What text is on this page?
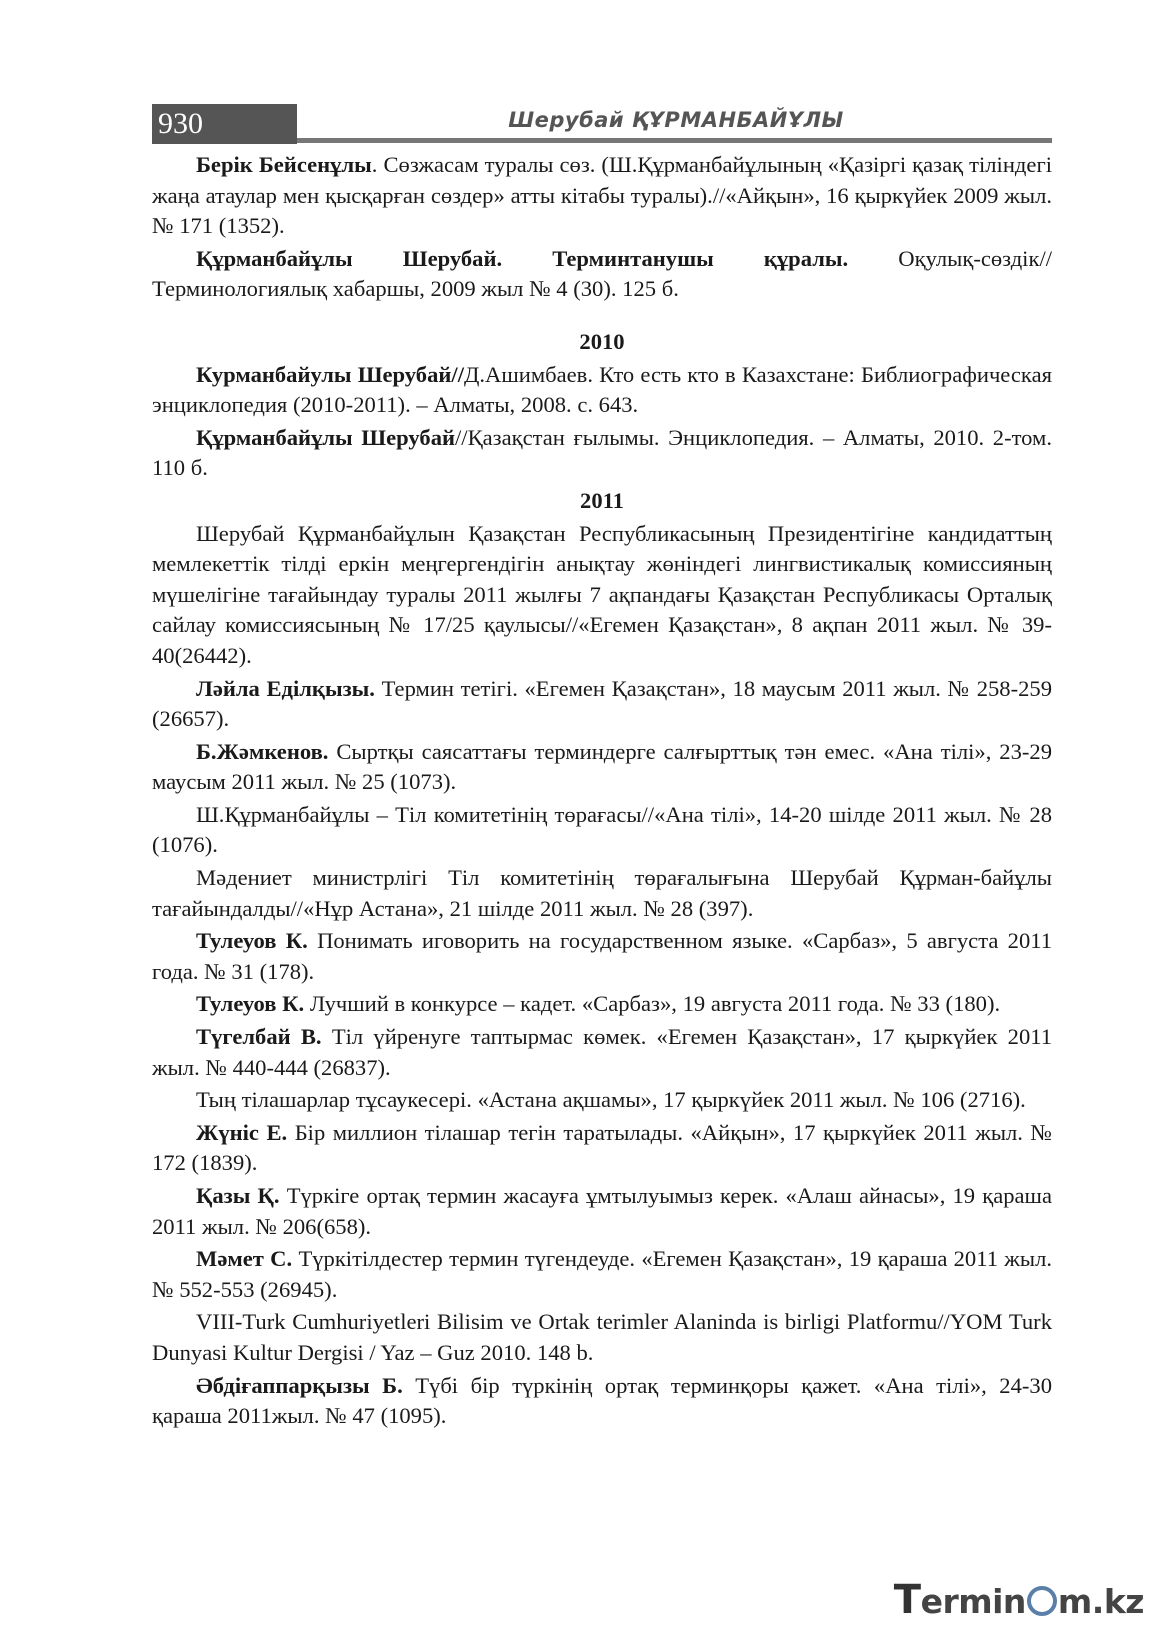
930	Шерубай ҚҰРМАНБАЙҰЛЫ

Берік Бейсенұлы. Сөзжасам туралы сөз. (Ш.Құрманбайұлының «Қазіргі қазақ тіліндегі жаңа атаулар мен қысқарған сөздер» атты кітабы туралы).//«Айқын», 16 қыркүйек 2009 жыл. № 171 (1352).

Құрманбайұлы Шерубай. Терминтанушы құралы. Оқулық-сөздік// Терминологиялық хабаршы, 2009 жыл № 4 (30). 125 б.

2010

Курманбайулы Шерубай//Д.Ашимбаев. Кто есть кто в Казахстане: Библиографическая энциклопедия (2010-2011). – Алматы, 2008. с. 643.

Құрманбайұлы Шерубай//Қазақстан ғылымы. Энциклопедия. – Алматы, 2010. 2-том. 110 б.

2011

Шерубай Құрманбайұлын Қазақстан Республикасының Президентігіне кандидаттың мемлекеттік тілді еркін меңгергендігін анықтау жөніндегі лингвистикалық комиссияның мүшелігіне тағайындау туралы 2011 жылғы 7 ақпандағы Қазақстан Республикасы Орталық сайлау комиссиясының № 17/25 қаулысы//«Егемен Қазақстан», 8 ақпан 2011 жыл. № 39-40(26442).

Ләйла Еділқызы. Термин тетігі. «Егемен Қазақстан», 18 маусым 2011 жыл. № 258-259 (26657).

Б.Жәмкенов. Сыртқы саясаттағы терминдерге салғырттық тән емес. «Ана тілі», 23-29 маусым 2011 жыл. № 25 (1073).

Ш.Құрманбайұлы – Тіл комитетінің төрағасы//«Ана тілі», 14-20 шілде 2011 жыл. № 28 (1076).

Мәдениет министрлігі Тіл комитетінің төрағалығына Шерубай Құрман-байұлы тағайындалды//«Нұр Астана», 21 шілде 2011 жыл. № 28 (397).

Тулеуов К. Понимать иговорить на государственном языке. «Сарбаз», 5 августа 2011 года. № 31 (178).

Тулеуов К. Лучший в конкурсе – кадет. «Сарбаз», 19 августа 2011 года. № 33 (180).

Түгелбай В. Тіл үйренуге таптырмас көмек. «Егемен Қазақстан», 17 қыркүйек 2011 жыл. № 440-444 (26837).

Тың тілашарлар тұсаукесері. «Астана ақшамы», 17 қыркүйек 2011 жыл. № 106 (2716).

Жүніс Е. Бір миллион тілашар тегін таратылады. «Айқын», 17 қыркүйек 2011 жыл. № 172 (1839).

Қазы Қ. Түркіге ортақ термин жасауға ұмтылуымыз керек. «Алаш айнасы», 19 қараша 2011 жыл. № 206(658).

Мәмет С. Түркітілдестер термин түгендеуде. «Егемен Қазақстан», 19 қараша 2011 жыл. № 552-553 (26945).

VIII-Turk Cumhuriyetleri Bilisim ve Ortak terimler Alaninda is birligi Platformu//YOM Turk Dunyasi Kultur Dergisi / Yaz – Guz 2010. 148 b.

Әбдіғаппарқызы Б. Түбі бір түркінің ортақ терминқоры қажет. «Ана тілі», 24-30 қараша 2011жыл. № 47 (1095).

Termin m.kz
